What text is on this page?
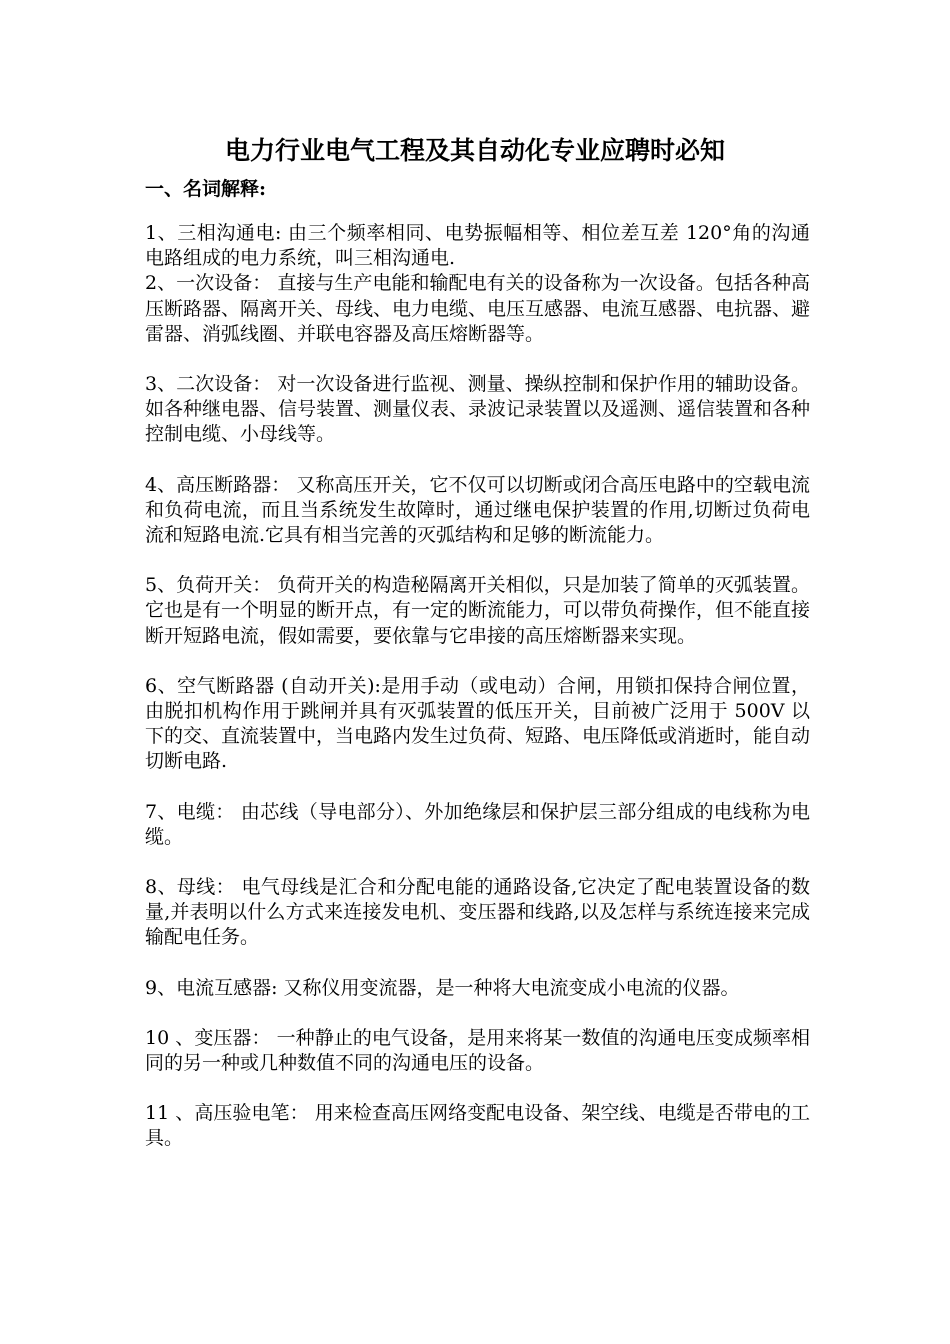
电力行业电气工程及其自动化专业应聘时必知
一、名词解释:
1、三相沟通电: 由三个频率相同、电势振幅相等、相位差互差 120°角的沟通电路组成的电力系统，叫三相沟通电.
2、一次设备： 直接与生产电能和输配电有关的设备称为一次设备。包括各种高压断路器、隔离开关、母线、电力电缆、电压互感器、电流互感器、电抗器、避雷器、消弧线圈、并联电容器及高压熔断器等。
3、二次设备： 对一次设备进行监视、测量、操纵控制和保护作用的辅助设备。如各种继电器、信号装置、测量仪表、录波记录装置以及遥测、遥信装置和各种控制电缆、小母线等。
4、高压断路器： 又称高压开关，它不仅可以切断或闭合高压电路中的空载电流和负荷电流，而且当系统发生故障时，通过继电保护装置的作用,切断过负荷电流和短路电流.它具有相当完善的灭弧结构和足够的断流能力。
5、负荷开关： 负荷开关的构造秘隔离开关相似，只是加装了简单的灭弧装置。它也是有一个明显的断开点，有一定的断流能力，可以带负荷操作，但不能直接断开短路电流，假如需要，要依靠与它串接的高压熔断器来实现。
6、空气断路器 (自动开关):是用手动（或电动）合闸，用锁扣保持合闸位置，由脱扣机构作用于跳闸并具有灭弧装置的低压开关，目前被广泛用于 500V 以下的交、直流装置中，当电路内发生过负荷、短路、电压降低或消逝时，能自动切断电路.
7、电缆： 由芯线（导电部分）、外加绝缘层和保护层三部分组成的电线称为电缆。
8、母线： 电气母线是汇合和分配电能的通路设备,它决定了配电装置设备的数量,并表明以什么方式来连接发电机、变压器和线路,以及怎样与系统连接来完成输配电任务。
9、电流互感器: 又称仪用变流器，是一种将大电流变成小电流的仪器。
10 、变压器： 一种静止的电气设备，是用来将某一数值的沟通电压变成频率相同的另一种或几种数值不同的沟通电压的设备。
11 、高压验电笔： 用来检查高压网络变配电设备、架空线、电缆是否带电的工具。
